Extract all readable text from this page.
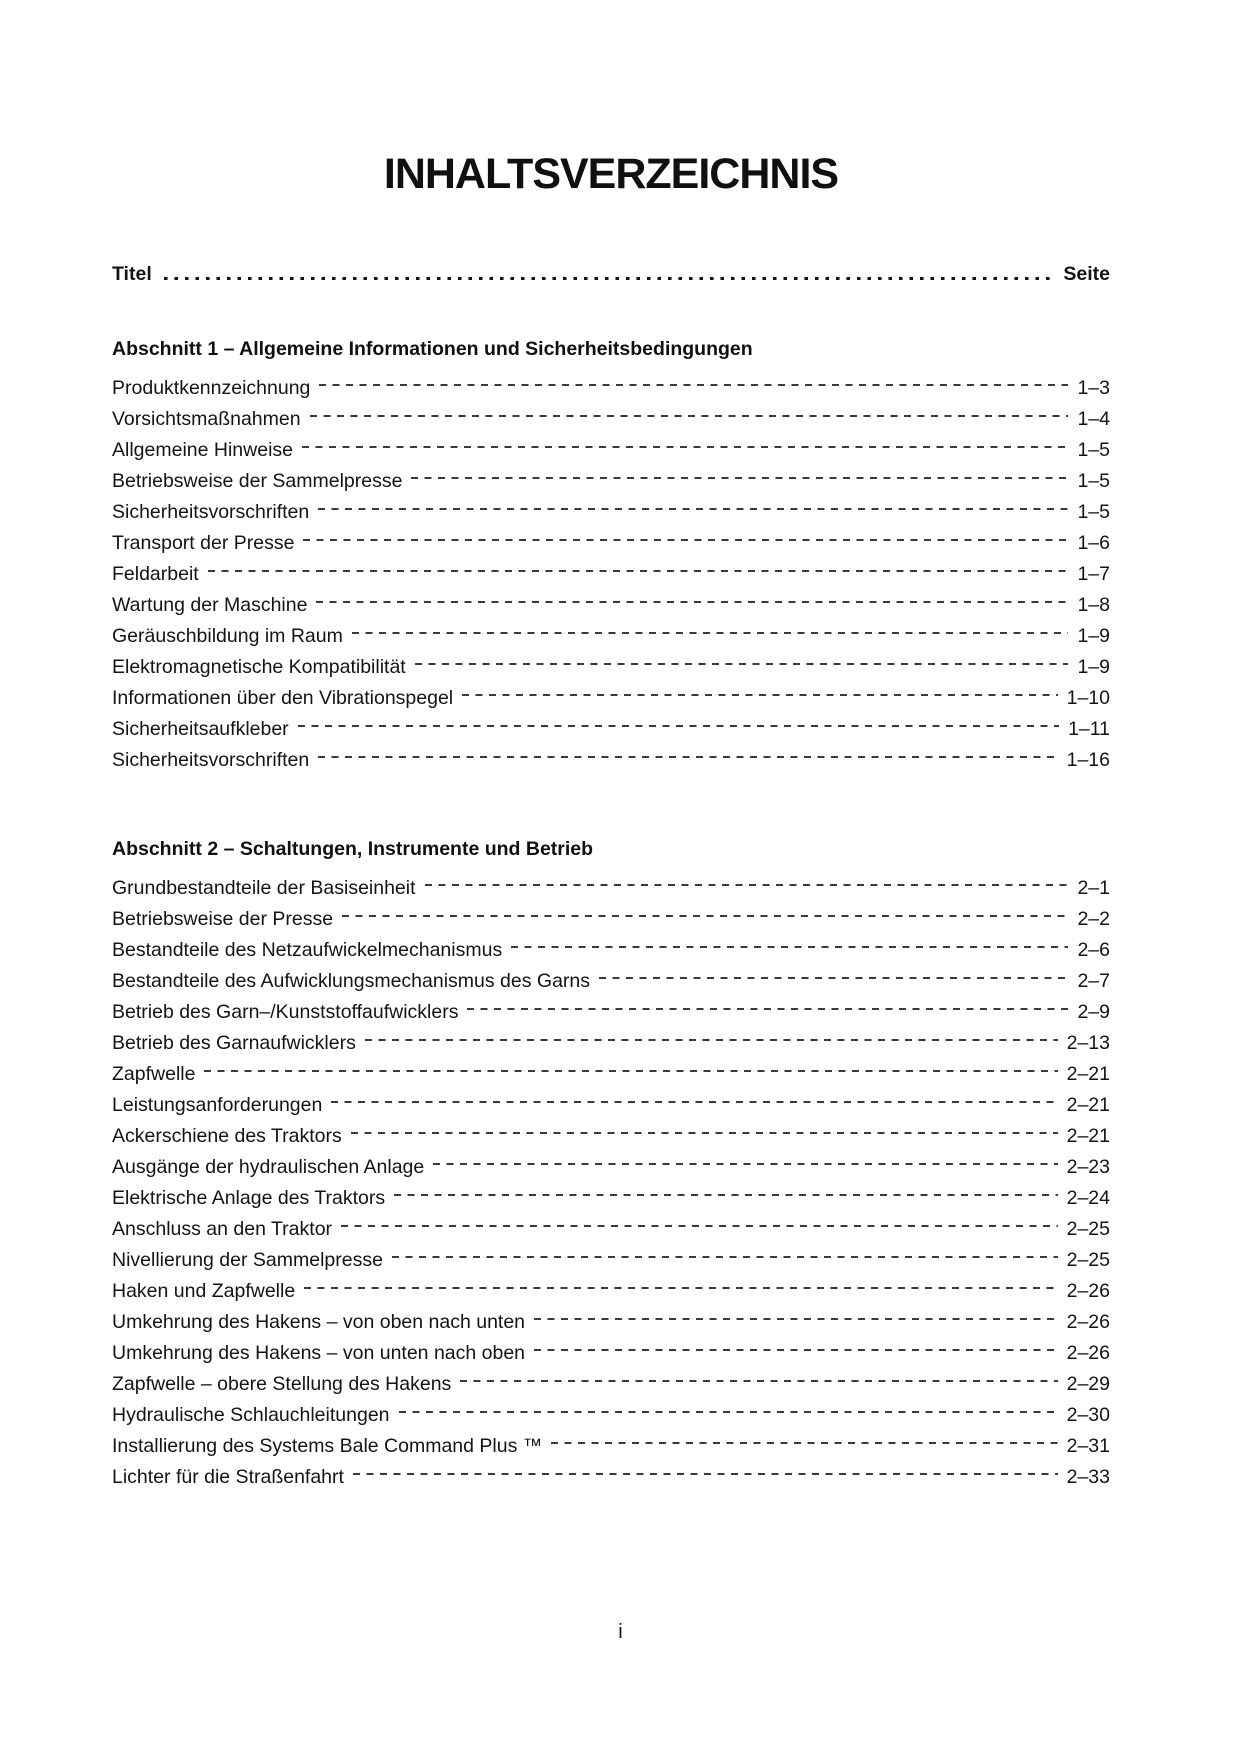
INHALTSVERZEICHNIS
Titel	Seite
Abschnitt 1 – Allgemeine Informationen und Sicherheitsbedingungen
Produktkennzeichnung	1–3
Vorsichtsmaßnahmen	1–4
Allgemeine Hinweise	1–5
Betriebsweise der Sammelpresse	1–5
Sicherheitsvorschriften	1–5
Transport der Presse	1–6
Feldarbeit	1–7
Wartung der Maschine	1–8
Geräuschbildung im Raum	1–9
Elektromagnetische Kompatibilität	1–9
Informationen über den Vibrationspegel	1–10
Sicherheitsaufkleber	1–11
Sicherheitsvorschriften	1–16
Abschnitt 2 – Schaltungen, Instrumente und Betrieb
Grundbestandteile der Basiseinheit	2–1
Betriebsweise der Presse	2–2
Bestandteile des Netzaufwickelmechanismus	2–6
Bestandteile des Aufwicklungsmechanismus des Garns	2–7
Betrieb des Garn–/Kunststoffaufwicklers	2–9
Betrieb des Garnaufwicklers	2–13
Zapfwelle	2–21
Leistungsanforderungen	2–21
Ackerschiene des Traktors	2–21
Ausgänge der hydraulischen Anlage	2–23
Elektrische Anlage des Traktors	2–24
Anschluss an den Traktor	2–25
Nivellierung der Sammelpresse	2–25
Haken und Zapfwelle	2–26
Umkehrung des Hakens – von oben nach unten	2–26
Umkehrung des Hakens – von unten nach oben	2–26
Zapfwelle – obere Stellung des Hakens	2–29
Hydraulische Schlauchleitungen	2–30
Installierung des Systems Bale Command Plus ™	2–31
Lichter für die Straßenfahrt	2–33
i
